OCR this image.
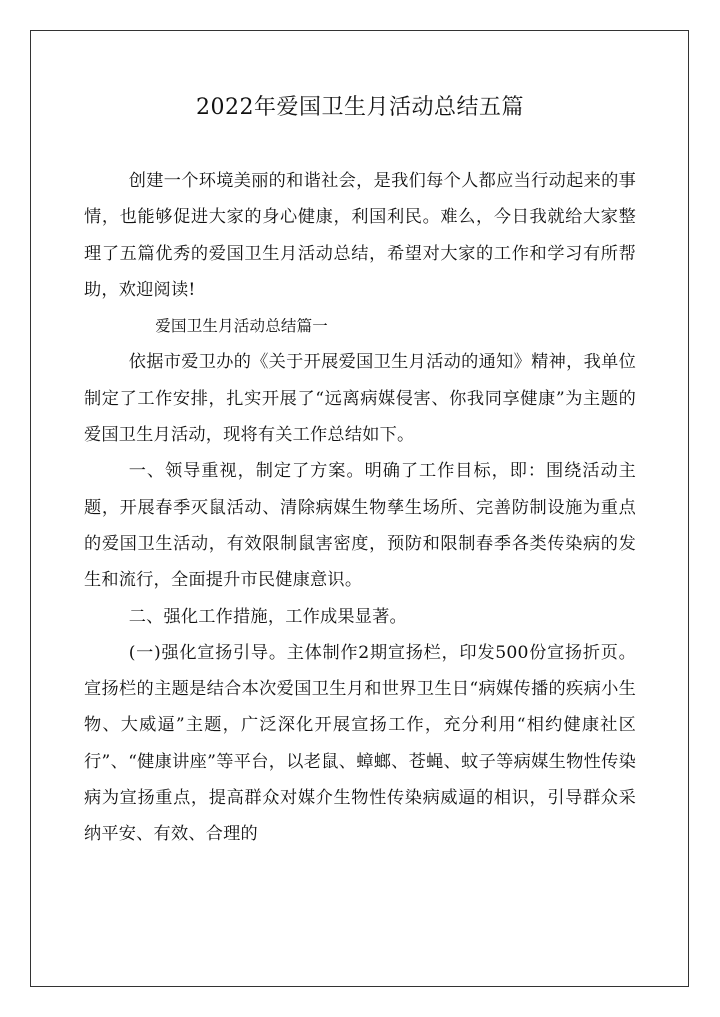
2022年爱国卫生月活动总结五篇

创建一个环境美丽的和谐社会，是我们每个人都应当行动起来的事情，也能够促进大家的身心健康，利国利民。难么，今日我就给大家整理了五篇优秀的爱国卫生月活动总结，希望对大家的工作和学习有所帮助，欢迎阅读!

爱国卫生月活动总结篇一

依据市爱卫办的《关于开展爱国卫生月活动的通知》精神，我单位制定了工作安排，扎实开展了“远离病媒侵害、你我同享健康”为主题的爱国卫生月活动，现将有关工作总结如下。

一、领导重视，制定了方案。明确了工作目标，即：围绕活动主题，开展春季灭鼠活动、清除病媒生物孳生场所、完善防制设施为重点的爱国卫生活动，有效限制鼠害密度，预防和限制春季各类传染病的发生和流行，全面提升市民健康意识。

二、强化工作措施，工作成果显著。

(一)强化宣扬引导。主体制作2期宣扬栏，印发500份宣扬折页。宣扬栏的主题是结合本次爱国卫生月和世界卫生日“病媒传播的疾病小生物、大威逼”主题，广泛深化开展宣扬工作，充分利用“相约健康社区行”、“健康讲座”等平台，以老鼠、蟑螂、苍蝇、蚊子等病媒生物性传染病为宣扬重点，提高群众对媒介生物性传染病威逼的相识，引导群众采纳平安、有效、合理的
